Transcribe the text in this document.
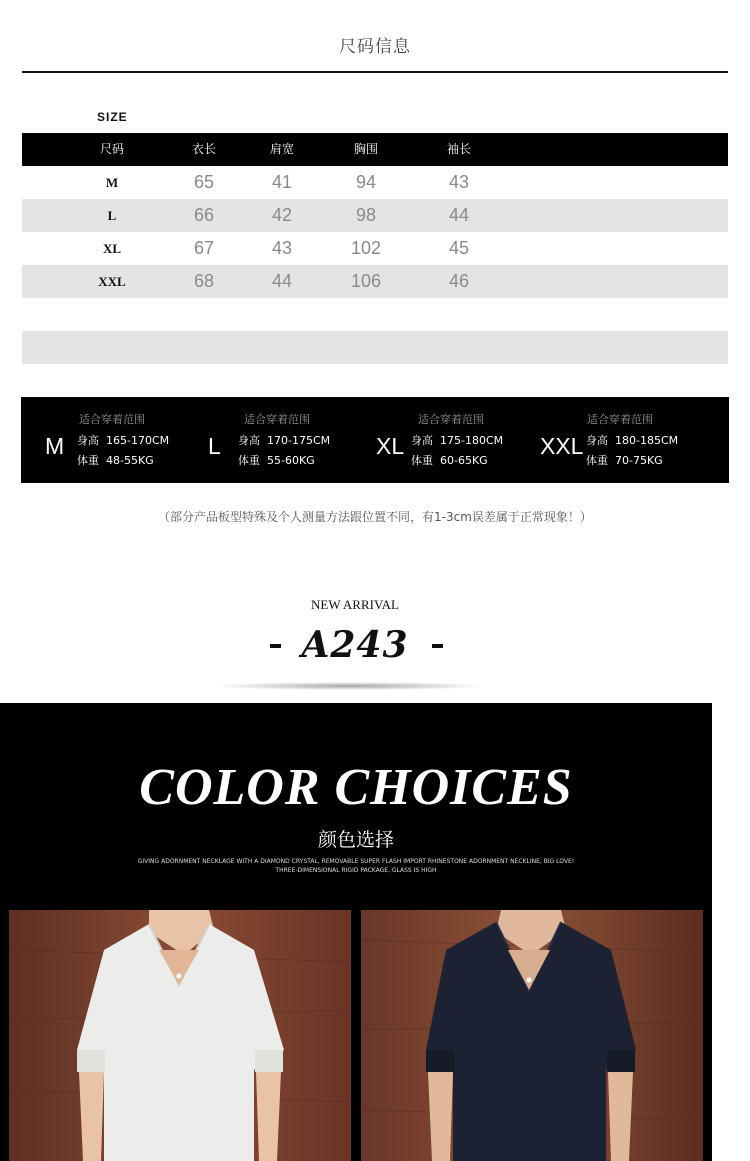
尺码信息
SIZE
尺码	衣长	肩宽	胸围	袖长
M	65	41	94	43
L	66	42	98	44
XL	67	43	102	45
XXL	68	44	106	46
适合穿着范围
M 身高 165-170CM
体重 48-55KG
适合穿着范围
L 身高 170-175CM
体重 55-60KG
适合穿着范围
XL 身高 175-180CM
体重 60-65KG
适合穿着范围
XXL 身高 180-185CM
体重 70-75KG
（部分产品板型特殊及个人测量方法跟位置不同，有1-3cm误差属于正常现象！）
NEW ARRIVAL
A243
COLOR CHOICES
颜色选择
GIVING ADORNMENT NECKLAGE WITH A DIAMOND CRYSTAL, REMOVABLE SUPER FLASH IMPORT RHINESTONE ADORNMENT NECKLINE, BIG LOVE!
THREE-DIMENSIONAL RIGID PACKAGE, GLASS IS HIGH
